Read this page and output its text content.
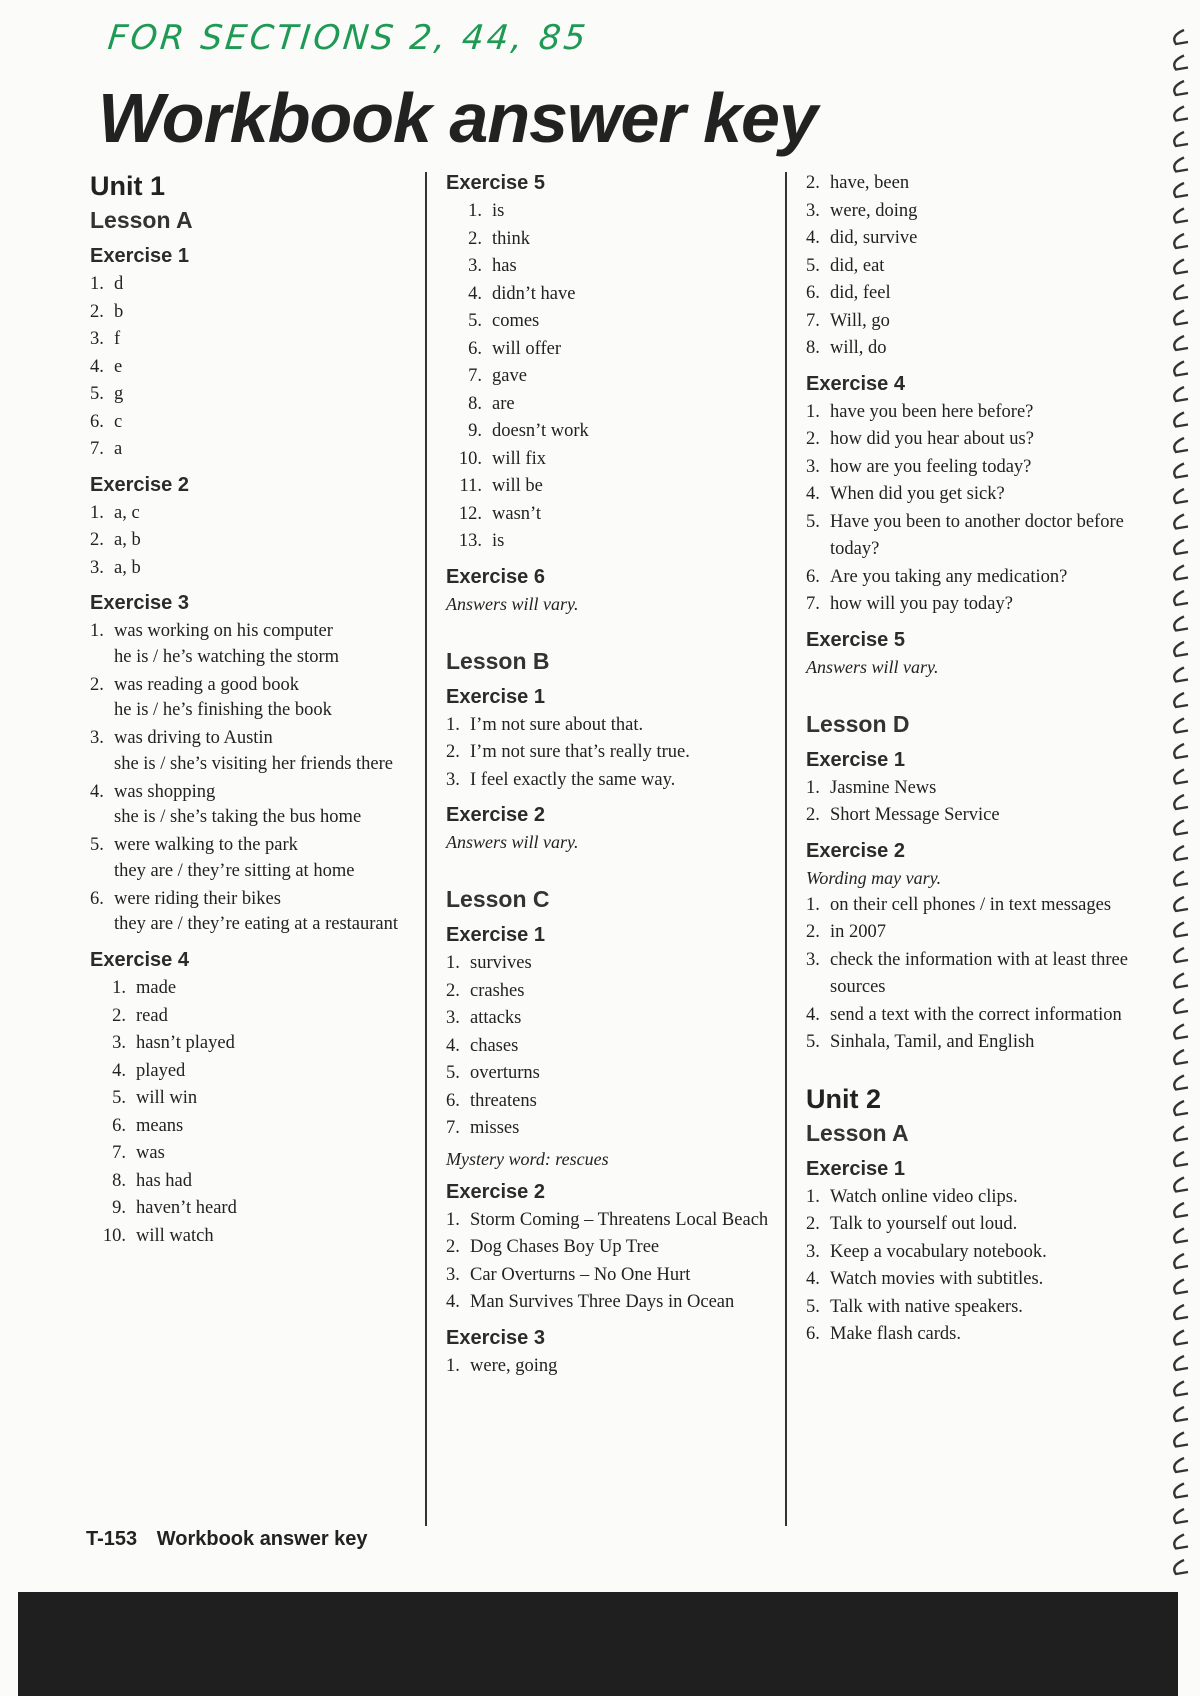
FOR SECTIONS 2, 44, 85
Workbook answer key
Unit 1
Lesson A
Exercise 1
1. d
2. b
3. f
4. e
5. g
6. c
7. a
Exercise 2
1. a, c
2. a, b
3. a, b
Exercise 3
1. was working on his computer
he is / he’s watching the storm
2. was reading a good book
he is / he’s finishing the book
3. was driving to Austin
she is / she’s visiting her friends there
4. was shopping
she is / she’s taking the bus home
5. were walking to the park
they are / they’re sitting at home
6. were riding their bikes
they are / they’re eating at a restaurant
Exercise 4
1. made
2. read
3. hasn’t played
4. played
5. will win
6. means
7. was
8. has had
9. haven’t heard
10. will watch
Exercise 5
1. is
2. think
3. has
4. didn’t have
5. comes
6. will offer
7. gave
8. are
9. doesn’t work
10. will fix
11. will be
12. wasn’t
13. is
Exercise 6
Answers will vary.
Lesson B
Exercise 1
1. I’m not sure about that.
2. I’m not sure that’s really true.
3. I feel exactly the same way.
Exercise 2
Answers will vary.
Lesson C
Exercise 1
1. survives
2. crashes
3. attacks
4. chases
5. overturns
6. threatens
7. misses
Mystery word: rescues
Exercise 2
1. Storm Coming – Threatens Local Beach
2. Dog Chases Boy Up Tree
3. Car Overturns – No One Hurt
4. Man Survives Three Days in Ocean
Exercise 3
1. were, going
2. have, been
3. were, doing
4. did, survive
5. did, eat
6. did, feel
7. Will, go
8. will, do
Exercise 4
1. have you been here before?
2. how did you hear about us?
3. how are you feeling today?
4. When did you get sick?
5. Have you been to another doctor before today?
6. Are you taking any medication?
7. how will you pay today?
Exercise 5
Answers will vary.
Lesson D
Exercise 1
1. Jasmine News
2. Short Message Service
Exercise 2
Wording may vary.
1. on their cell phones / in text messages
2. in 2007
3. check the information with at least three sources
4. send a text with the correct information
5. Sinhala, Tamil, and English
Unit 2
Lesson A
Exercise 1
1. Watch online video clips.
2. Talk to yourself out loud.
3. Keep a vocabulary notebook.
4. Watch movies with subtitles.
5. Talk with native speakers.
6. Make flash cards.
T-153 Workbook answer key
